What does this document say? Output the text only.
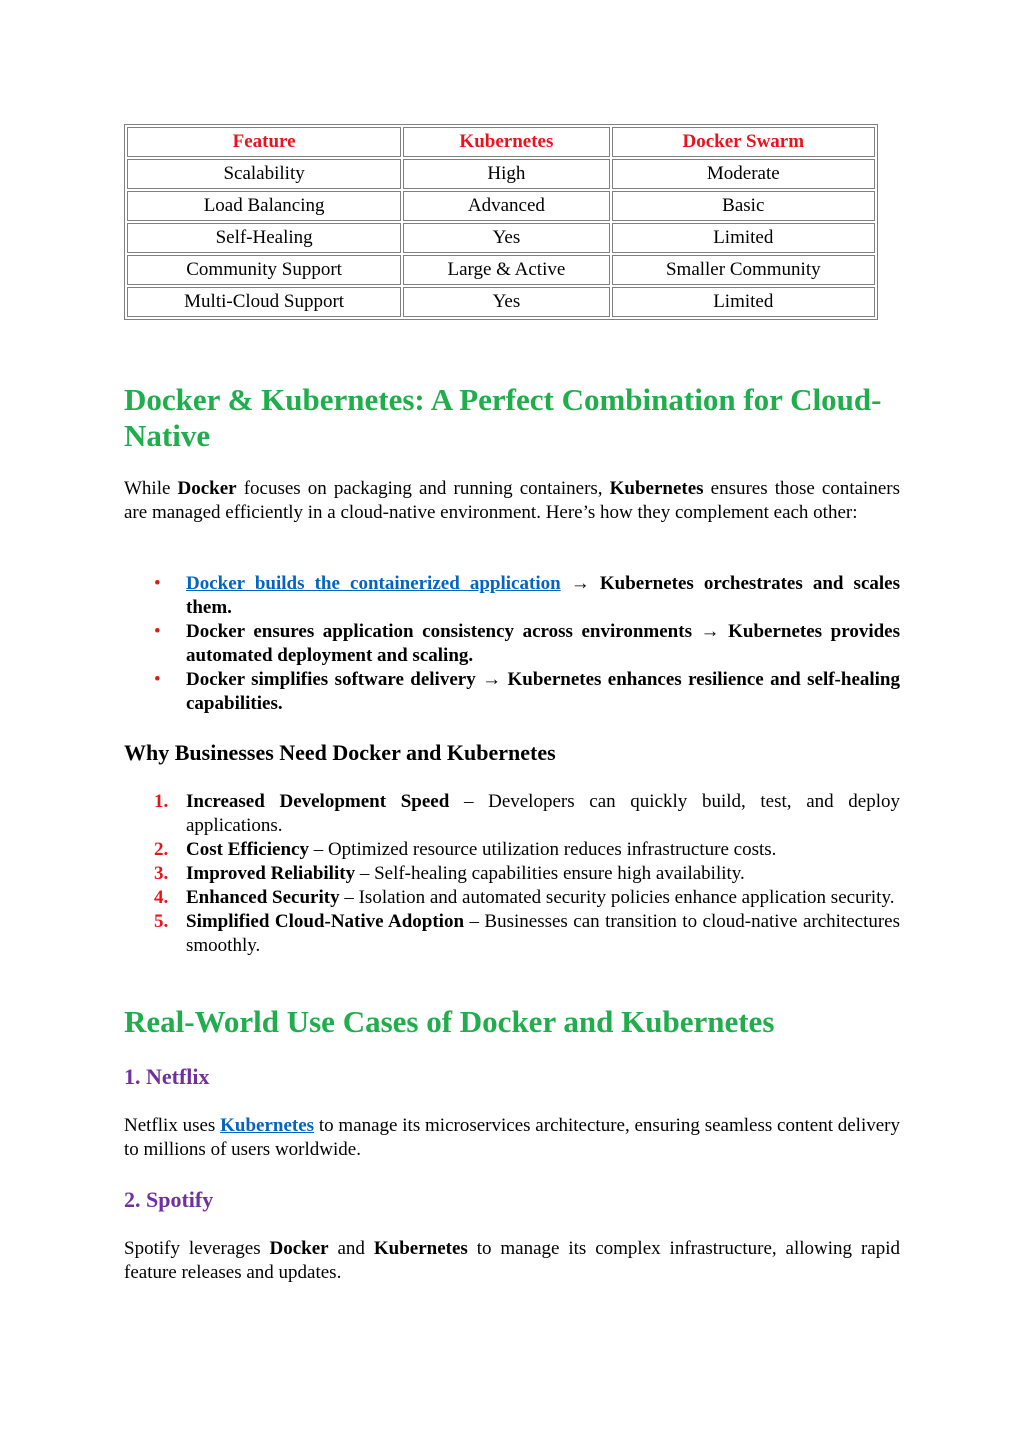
Feature	Kubernetes	Docker Swarm
Scalability	High	Moderate
Load Balancing	Advanced	Basic
Self-Healing	Yes	Limited
Community Support	Large & Active	Smaller Community
Multi-Cloud Support	Yes	Limited
Docker & Kubernetes: A Perfect Combination for Cloud-Native

While Docker focuses on packaging and running containers, Kubernetes ensures those containers are managed efficiently in a cloud-native environment. Here’s how they complement each other:

• Docker builds the containerized application → Kubernetes orchestrates and scales them.
• Docker ensures application consistency across environments → Kubernetes provides automated deployment and scaling.
• Docker simplifies software delivery → Kubernetes enhances resilience and self-healing capabilities.
Why Businesses Need Docker and Kubernetes
1. Increased Development Speed – Developers can quickly build, test, and deploy applications.
2. Cost Efficiency – Optimized resource utilization reduces infrastructure costs.
3. Improved Reliability – Self-healing capabilities ensure high availability.
4. Enhanced Security – Isolation and automated security policies enhance application security.
5. Simplified Cloud-Native Adoption – Businesses can transition to cloud-native architectures smoothly.
Real-World Use Cases of Docker and Kubernetes
1. Netflix

Netflix uses Kubernetes to manage its microservices architecture, ensuring seamless content delivery to millions of users worldwide.

2. Spotify

Spotify leverages Docker and Kubernetes to manage its complex infrastructure, allowing rapid feature releases and updates.
